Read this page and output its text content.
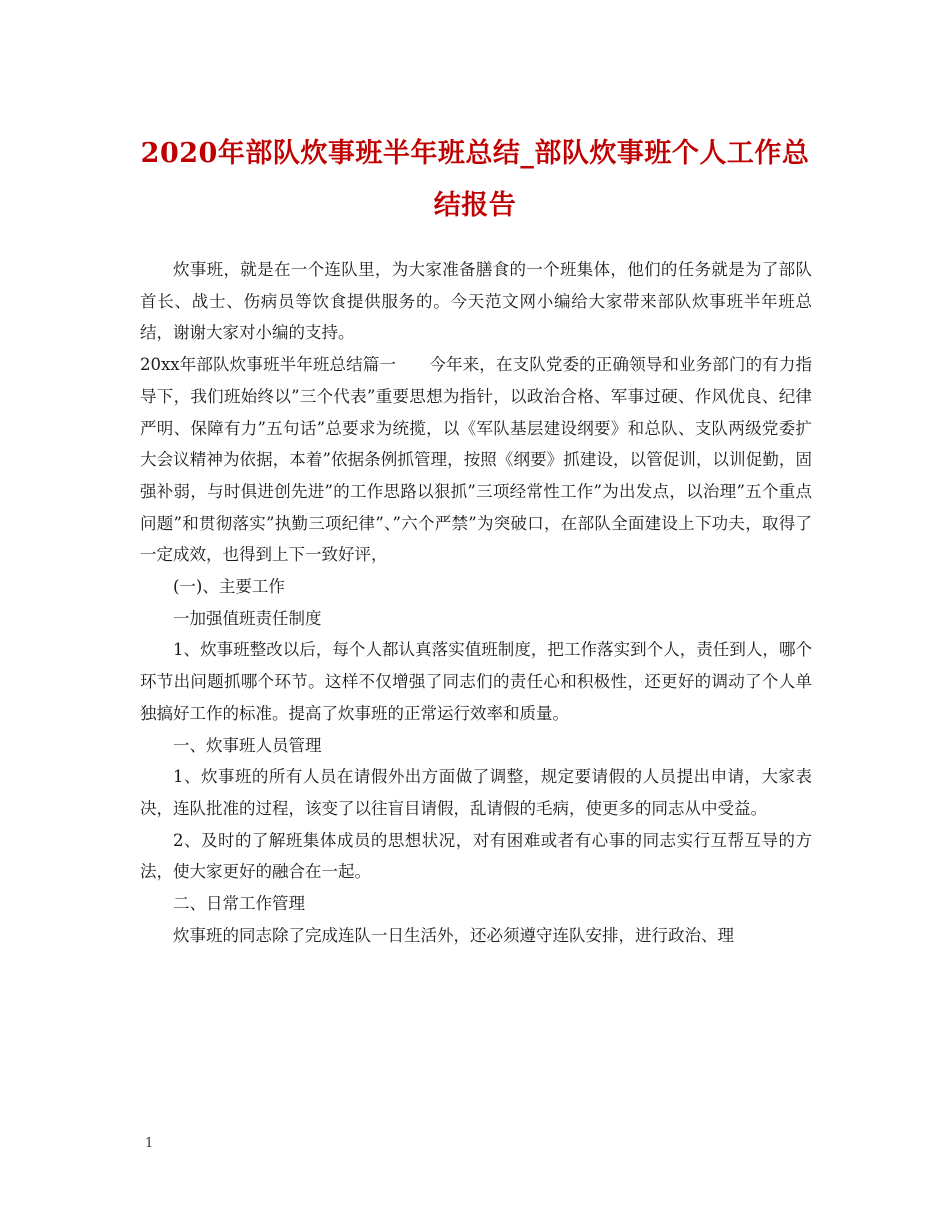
2020年部队炊事班半年班总结_部队炊事班个人工作总结报告

炊事班，就是在一个连队里，为大家准备膳食的一个班集体，他们的任务就是为了部队首长、战士、伤病员等饮食提供服务的。今天范文网小编给大家带来部队炊事班半年班总结，谢谢大家对小编的支持。

20xx年部队炊事班半年班总结篇一　　今年来，在支队党委的正确领导和业务部门的有力指导下，我们班始终以”三个代表”重要思想为指针，以政治合格、军事过硬、作风优良、纪律严明、保障有力”五句话”总要求为统揽，以《军队基层建设纲要》和总队、支队两级党委扩大会议精神为依据，本着”依据条例抓管理，按照《纲要》抓建设，以管促训，以训促勤，固强补弱，与时俱进创先进”的工作思路以狠抓”三项经常性工作”为出发点，以治理”五个重点问题”和贯彻落实”执勤三项纪律”、”六个严禁”为突破口，在部队全面建设上下功夫，取得了一定成效，也得到上下一致好评，

(一)、主要工作

一加强值班责任制度

1、炊事班整改以后，每个人都认真落实值班制度，把工作落实到个人，责任到人，哪个环节出问题抓哪个环节。这样不仅增强了同志们的责任心和积极性，还更好的调动了个人单独搞好工作的标准。提高了炊事班的正常运行效率和质量。

一、炊事班人员管理

1、炊事班的所有人员在请假外出方面做了调整，规定要请假的人员提出申请，大家表决，连队批准的过程，该变了以往盲目请假，乱请假的毛病，使更多的同志从中受益。

2、及时的了解班集体成员的思想状况，对有困难或者有心事的同志实行互帮互导的方法，使大家更好的融合在一起。

二、日常工作管理

炊事班的同志除了完成连队一日生活外，还必须遵守连队安排，进行政治、理

1
